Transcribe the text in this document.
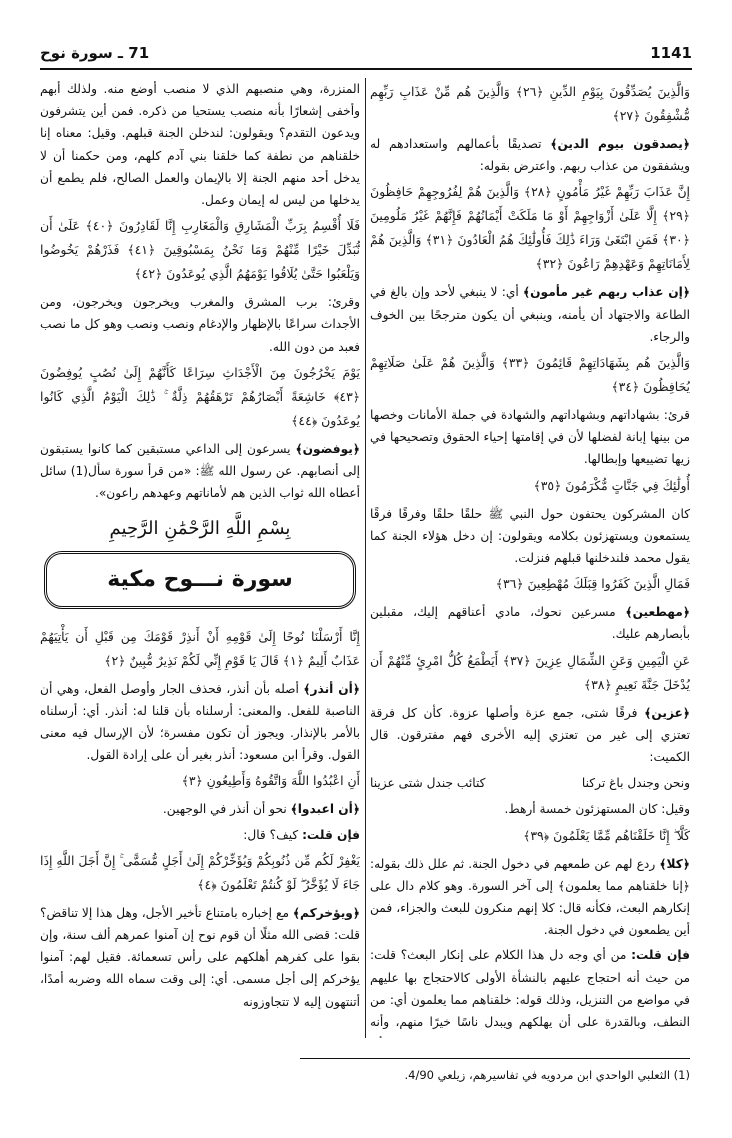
1141
71 ـ سورة نوح

وَالَّذِينَ يُصَدِّقُونَ بِيَوْمِ الدِّينِ ﴿٢٦﴾ وَالَّذِينَ هُم مِّنْ عَذَابِ رَبِّهِم مُّشْفِقُونَ ﴿٢٧﴾

﴿يصدقون بيوم الدين﴾ تصديقًا بأعمالهم واستعدادهم له ويشفقون من عذاب ربهم. واعترض بقوله:

إِنَّ عَذَابَ رَبِّهِمْ غَيْرُ مَأْمُونٍ ﴿٢٨﴾ وَالَّذِينَ هُمْ لِفُرُوجِهِمْ حَافِظُونَ ﴿٢٩﴾ إِلَّا عَلَىٰ أَزْوَاجِهِمْ أَوْ مَا مَلَكَتْ أَيْمَانُهُمْ فَإِنَّهُمْ غَيْرُ مَلُومِينَ ﴿٣٠﴾ فَمَنِ ابْتَغَىٰ وَرَاءَ ذَٰلِكَ فَأُولَٰئِكَ هُمُ الْعَادُونَ ﴿٣١﴾ وَالَّذِينَ هُمْ لِأَمَانَاتِهِمْ وَعَهْدِهِمْ رَاعُونَ ﴿٣٢﴾

﴿إن عذاب ربهم غير مأمون﴾ أي: لا ينبغي لأحد وإن بالغ في الطاعة والاجتهاد أن يأمنه، وينبغي أن يكون مترجحًا بين الخوف والرجاء.

وَالَّذِينَ هُم بِشَهَادَاتِهِمْ قَائِمُونَ ﴿٣٣﴾ وَالَّذِينَ هُمْ عَلَىٰ صَلَاتِهِمْ يُحَافِظُونَ ﴿٣٤﴾

قرئ: بشهاداتهم وبشهاداتهم والشهادة في جملة الأمانات وخصها من بينها إبانة لفضلها لأن في إقامتها إحياء الحقوق وتصحيحها في زيها تضييعها وإبطالها.

أُولَٰئِكَ فِي جَنَّاتٍ مُّكْرَمُونَ ﴿٣٥﴾

كان المشركون يحتفون حول النبي ﷺ حلقًا حلقًا وفرقًا فرقًا يستمعون ويستهزئون بكلامه ويقولون: إن دخل هؤلاء الجنة كما يقول محمد فلندخلنها قبلهم فنزلت.

فَمَالِ الَّذِينَ كَفَرُوا قِبَلَكَ مُهْطِعِينَ ﴿٣٦﴾

﴿مهطعين﴾ مسرعين نحوك، مادي أعناقهم إليك، مقبلين بأبصارهم عليك.

عَنِ الْيَمِينِ وَعَنِ الشِّمَالِ عِزِينَ ﴿٣٧﴾ أَيَطْمَعُ كُلُّ امْرِئٍ مِّنْهُمْ أَن يُدْخَلَ جَنَّةَ نَعِيمٍ ﴿٣٨﴾

﴿عزين﴾ فرقًا شتى، جمع عزة وأصلها عزوة. كأن كل فرقة تعتزي إلى غير من تعتزي إليه الأخرى فهم مفترقون. قال الكميت:

ونحن وجندل باغ تركنا
كتائب جندل شتى عزينا

وقيل: كان المستهزئون خمسة أرهط.

كَلَّا ۖ إِنَّا خَلَقْنَاهُم مِّمَّا يَعْلَمُونَ ﴿٣٩﴾

﴿كلا﴾ ردع لهم عن طمعهم في دخول الجنة. ثم علل ذلك بقوله: ﴿إنا خلقناهم مما يعلمون﴾ إلى آخر السورة. وهو كلام دال على إنكارهم البعث، فكأنه قال: كلا إنهم منكرون للبعث والجزاء، فمن أين يطمعون في دخول الجنة.

فإن قلت: من أي وجه دل هذا الكلام على إنكار البعث؟ قلت: من حيث أنه احتجاج عليهم بالنشأة الأولى كالاحتجاج بها عليهم في مواضع من التنزيل، وذلك قوله: خلقناهم مما يعلمون أي: من النطف، وبالقدرة على أن يهلكهم ويبدل ناسًا خيرًا منهم، وأنه

المنزرة، وهي منصبهم الذي لا منصب أوضع منه. ولذلك أبهم وأخفى إشعارًا بأنه منصب يستحيا من ذكره. فمن أين يتشرفون ويدعون التقدم؟ ويقولون: لندخلن الجنة قبلهم. وقيل: معناه إنا خلقناهم من نطفة كما خلقنا بني آدم كلهم، ومن حكمنا أن لا يدخل أحد منهم الجنة إلا بالإيمان والعمل الصالح، فلم يطمع أن يدخلها من ليس له إيمان وعمل.

فَلَا أُقْسِمُ بِرَبِّ الْمَشَارِقِ وَالْمَغَارِبِ إِنَّا لَقَادِرُونَ ﴿٤٠﴾ عَلَىٰ أَن نُّبَدِّلَ خَيْرًا مِّنْهُمْ وَمَا نَحْنُ بِمَسْبُوقِينَ ﴿٤١﴾ فَذَرْهُمْ يَخُوضُوا وَيَلْعَبُوا حَتَّىٰ يُلَاقُوا يَوْمَهُمُ الَّذِي يُوعَدُونَ ﴿٤٢﴾

وقرئ: برب المشرق والمغرب ويخرجون ويخرجون، ومن الأجداث سراعًا بالإظهار والإدغام ونصب ونصب وهو كل ما نصب فعبد من دون الله.

يَوْمَ يَخْرُجُونَ مِنَ الْأَجْدَاثِ سِرَاعًا كَأَنَّهُمْ إِلَىٰ نُصُبٍ يُوفِضُونَ ﴿٤٣﴾ خَاشِعَةً أَبْصَارُهُمْ تَرْهَقُهُمْ ذِلَّةٌ ۚ ذَٰلِكَ الْيَوْمُ الَّذِي كَانُوا يُوعَدُونَ ﴿٤٤﴾

﴿يوفضون﴾ يسرعون إلى الداعي مستبقين كما كانوا يستبقون إلى أنصابهم. عن رسول الله ﷺ: «من قرأ سورة سأل(1) سائل أعطاه الله ثواب الذين هم لأماناتهم وعهدهم راعون».

بِسْمِ اللَّهِ الرَّحْمَٰنِ الرَّحِيمِ
سورة نـــوح مكية

إِنَّا أَرْسَلْنَا نُوحًا إِلَىٰ قَوْمِهِ أَنْ أَنذِرْ قَوْمَكَ مِن قَبْلِ أَن يَأْتِيَهُمْ عَذَابٌ أَلِيمٌ ﴿١﴾ قَالَ يَا قَوْمِ إِنِّي لَكُمْ نَذِيرٌ مُّبِينٌ ﴿٢﴾

﴿أن أنذر﴾ أصله بأن أنذر، فحذف الجار وأوصل الفعل، وهي أن الناصبة للفعل. والمعنى: أرسلناه بأن قلنا له: أنذر. أي: أرسلناه بالأمر بالإنذار. ويجوز أن تكون مفسرة؛ لأن الإرسال فيه معنى القول. وقرأ ابن مسعود: أنذر بغير أن على إرادة القول.

أَنِ اعْبُدُوا اللَّهَ وَاتَّقُوهُ وَأَطِيعُونِ ﴿٣﴾

﴿أن اعبدوا﴾ نحو أن أنذر في الوجهين.

فإن قلت: كيف؟ قال:

يَغْفِرْ لَكُم مِّن ذُنُوبِكُمْ وَيُؤَخِّرْكُمْ إِلَىٰ أَجَلٍ مُّسَمًّى ۚ إِنَّ أَجَلَ اللَّهِ إِذَا جَاءَ لَا يُؤَخَّرُ ۖ لَوْ كُنتُمْ تَعْلَمُونَ ﴿٤﴾

﴿ويؤخركم﴾ مع إخباره بامتناع تأخير الأجل، وهل هذا إلا تناقض؟ قلت: قضى الله مثلًا أن قوم نوح إن آمنوا عمرهم ألف سنة، وإن بقوا على كفرهم أهلكهم على رأس تسعمائة. فقيل لهم: آمنوا يؤخركم إلى أجل مسمى. أي: إلى وقت سماه الله وضربه أمدًا، أتنتهون إليه لا تتجاوزونه

(1) الثعلبي الواحدي ابن مردويه في تفاسيرهم، زيلعي 4/90.
